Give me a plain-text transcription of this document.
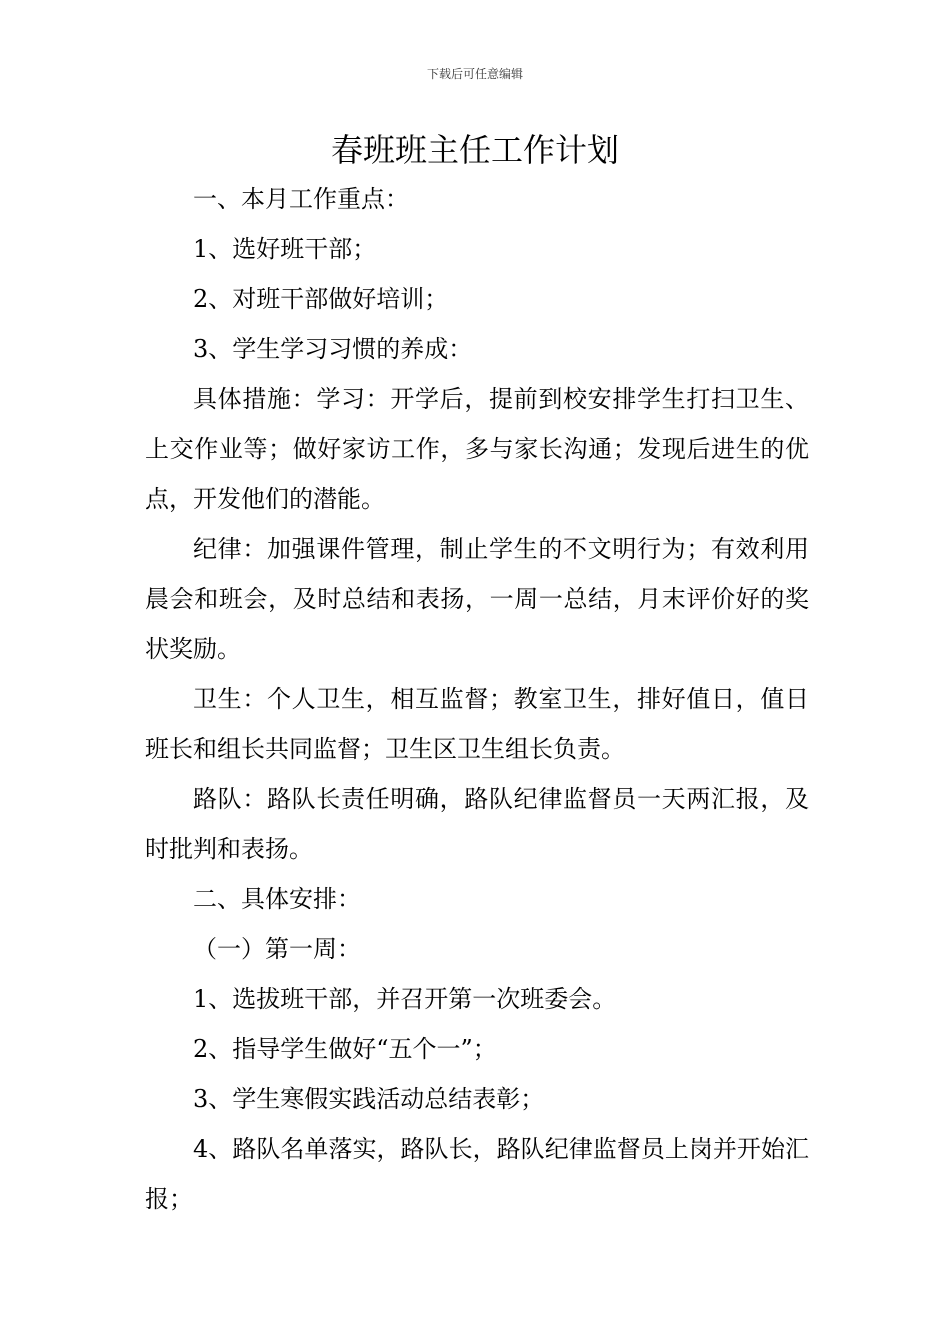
下载后可任意编辑
春班班主任工作计划

一、本月工作重点：

1、选好班干部；

2、对班干部做好培训；

3、学生学习习惯的养成：

具体措施：学习：开学后，提前到校安排学生打扫卫生、上交作业等；做好家访工作，多与家长沟通；发现后进生的优点，开发他们的潜能。

纪律：加强课件管理，制止学生的不文明行为；有效利用晨会和班会，及时总结和表扬，一周一总结，月末评价好的奖状奖励。

卫生：个人卫生，相互监督；教室卫生，排好值日，值日班长和组长共同监督；卫生区卫生组长负责。

路队：路队长责任明确，路队纪律监督员一天两汇报，及时批判和表扬。

二、具体安排：

（一）第一周：

1、选拔班干部，并召开第一次班委会。

2、指导学生做好“五个一”；

3、学生寒假实践活动总结表彰；

4、路队名单落实，路队长，路队纪律监督员上岗并开始汇报；
